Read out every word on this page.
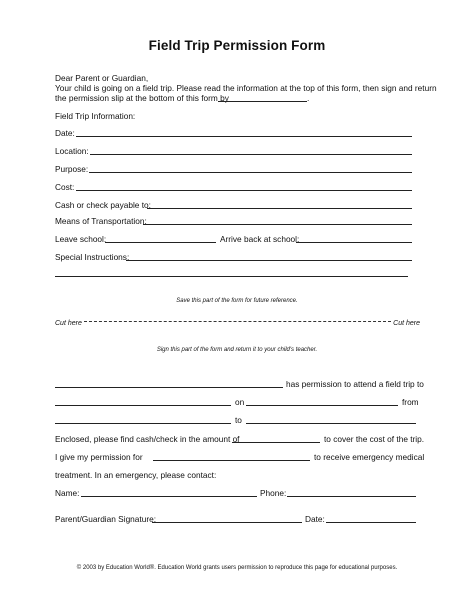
Field Trip Permission Form
Dear Parent or Guardian,
Your child is going on a field trip. Please read the information at the top of this form, then sign and return
the permission slip at the bottom of this form by	.
Field Trip Information:
Date:
Location:
Purpose:
Cost:
Cash or check payable to:
Means of Transportation:
Leave school:	Arrive back at school:
Special Instructions:
Save this part of the form for future reference.
Cut here	Cut here
Sign this part of the form and return it to your child's teacher.
has permission to attend a field trip to
on	from
to
Enclosed, please find cash/check in the amount of	to cover the cost of the trip.
I give my permission for	to receive emergency medical
treatment. In an emergency, please contact:
Name:	Phone:
Parent/Guardian Signature:	Date:
© 2003 by Education World®. Education World grants users permission to reproduce this page for educational purposes.
